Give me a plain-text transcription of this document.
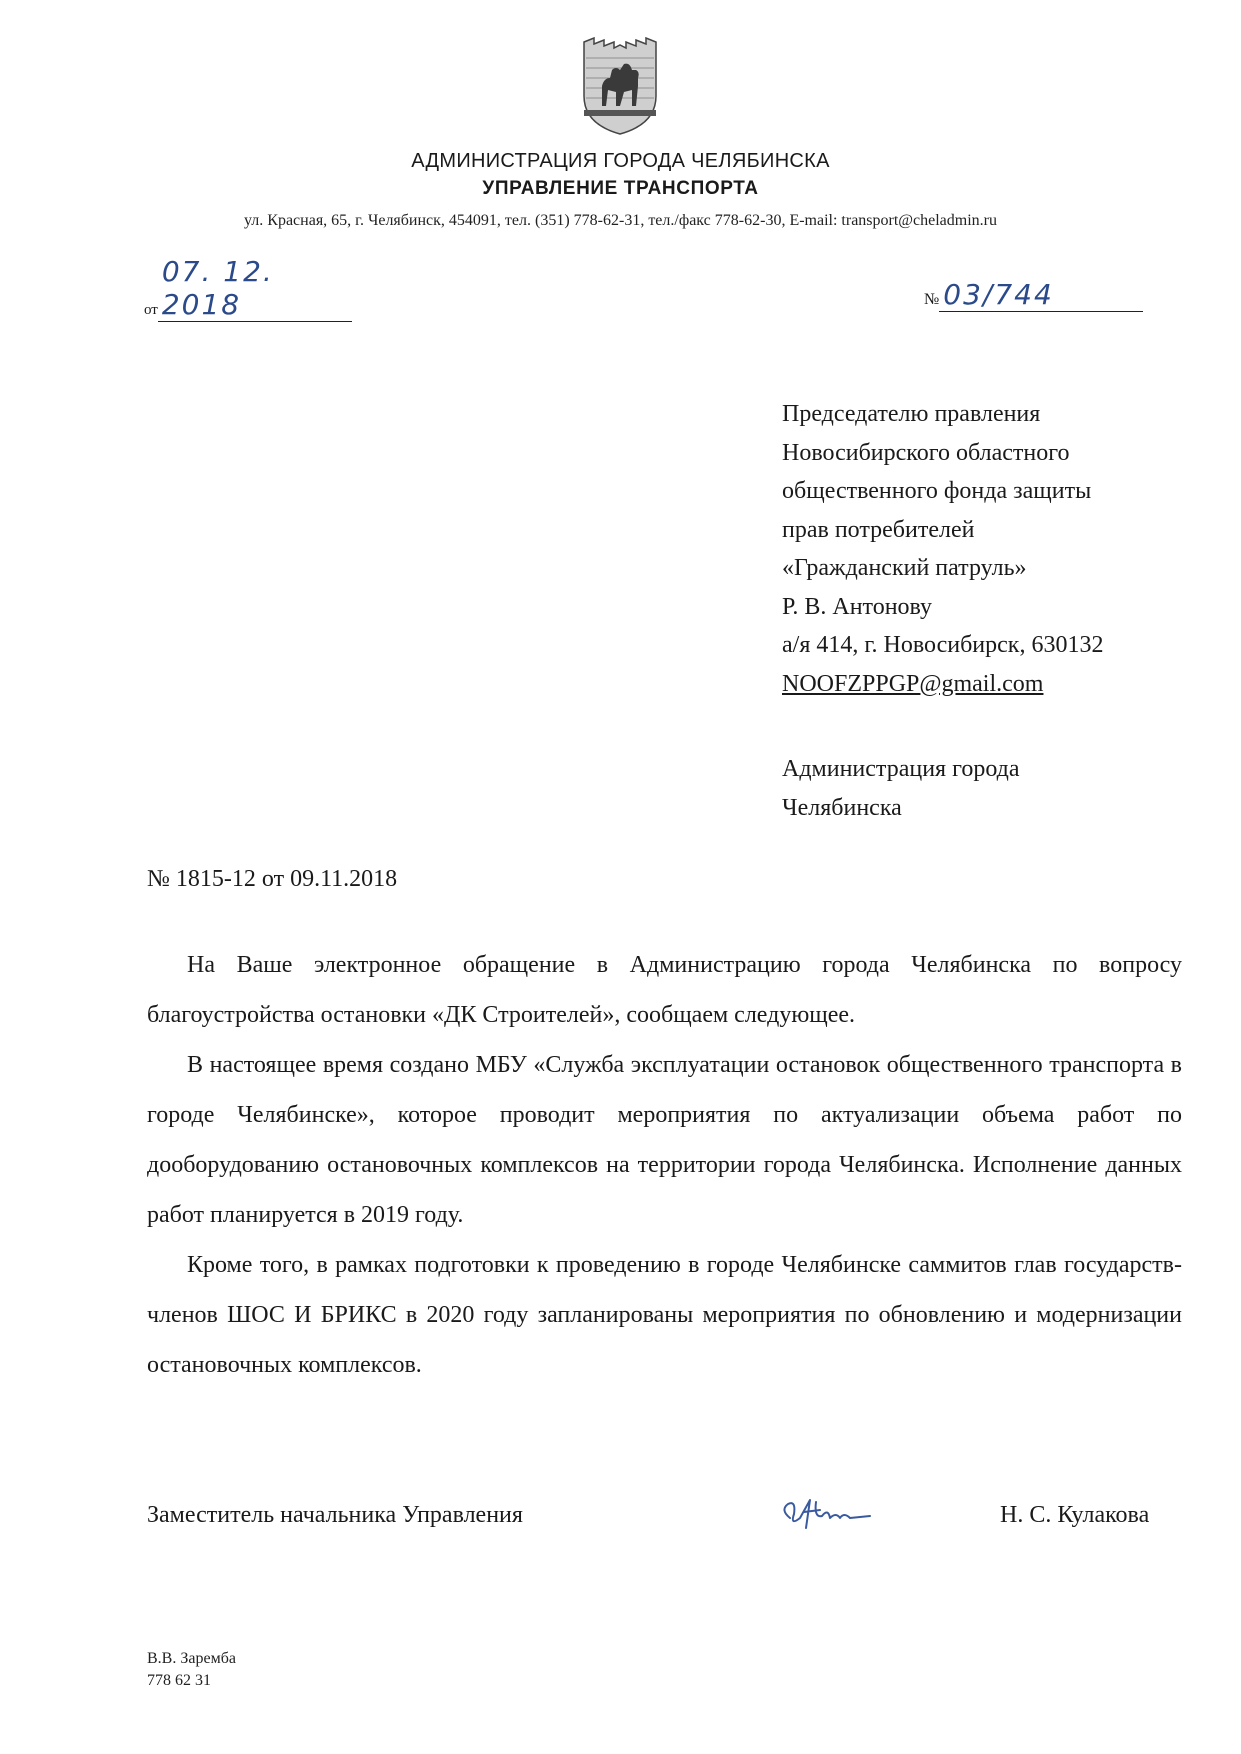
АДМИНИСТРАЦИЯ ГОРОДА ЧЕЛЯБИНСКА
УПРАВЛЕНИЕ ТРАНСПОРТА
ул. Красная, 65, г. Челябинск, 454091, тел. (351) 778-62-31, тел./факс 778-62-30, E-mail: transport@cheladmin.ru
от07. 12. 2018	№ 03/744
Председателю правления
Новосибирского областного
общественного фонда защиты
прав потребителей
«Гражданский патруль»
Р. В. Антонову
а/я 414, г. Новосибирск, 630132
NOOFZPPGP@gmail.com
Администрация города
Челябинска
№ 1815-12 от 09.11.2018

На Ваше электронное обращение в Администрацию города Челябинска по вопросу благоустройства остановки «ДК Строителей», сообщаем следующее.

В настоящее время создано МБУ «Служба эксплуатации остановок общественного транспорта в городе Челябинске», которое проводит мероприятия по актуализации объема работ по дооборудованию остановочных комплексов на территории города Челябинска. Исполнение данных работ планируется в 2019 году.

Кроме того, в рамках подготовки к проведению в городе Челябинске саммитов глав государств-членов ШОС И БРИКС в 2020 году запланированы мероприятия по обновлению и модернизации остановочных комплексов.

Заместитель начальника Управления	Н. С. Кулакова
В.В. Заремба
778 62 31
